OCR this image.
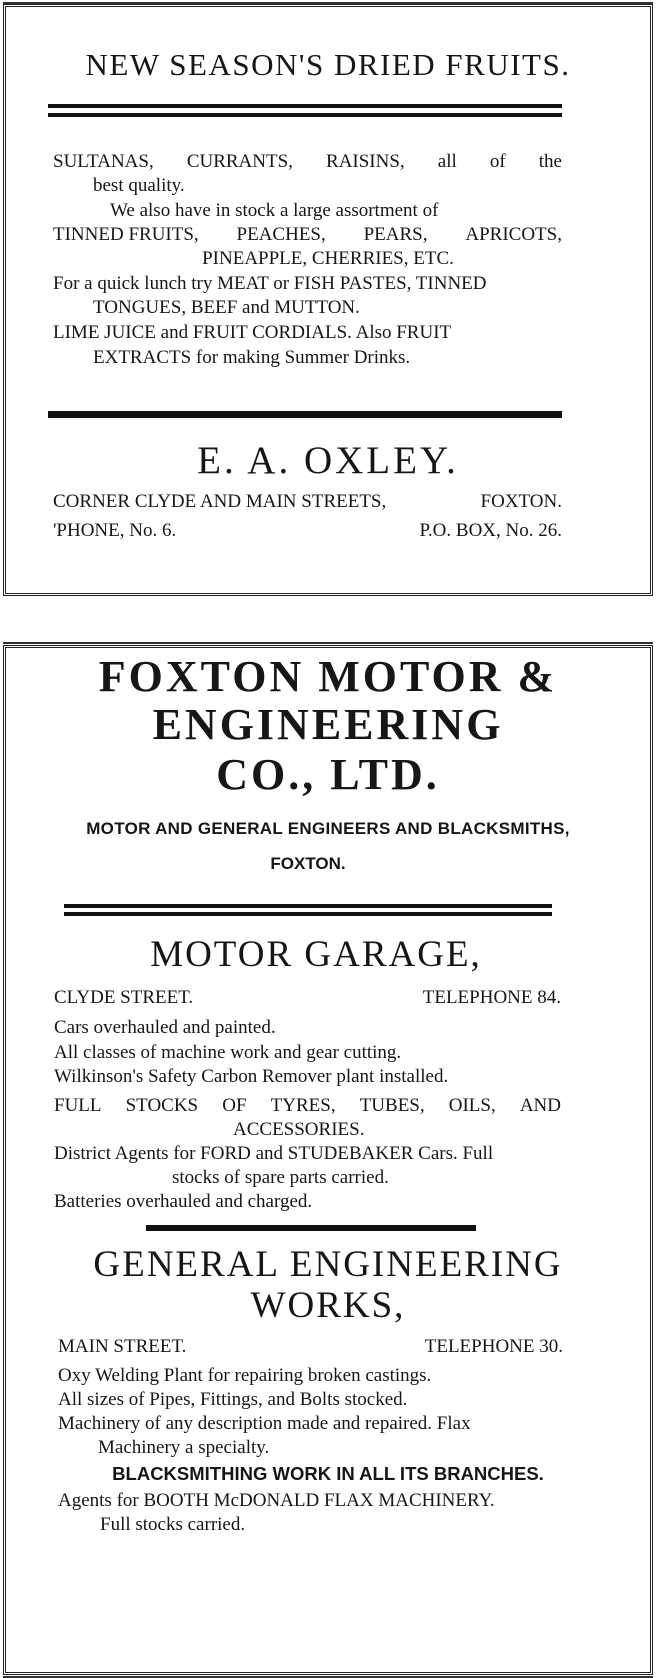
NEW SEASON'S DRIED FRUITS.
SULTANAS, CURRANTS, RAISINS, all of the

best quality.

We also have in stock a large assortment of

TINNED FRUITS, PEACHES, PEARS, APRICOTS,

PINEAPPLE, CHERRIES, ETC.

For a quick lunch try MEAT or FISH PASTES, TINNED

TONGUES, BEEF and MUTTON.

LIME JUICE and FRUIT CORDIALS. Also FRUIT

EXTRACTS for making Summer Drinks.

E. A. OXLEY.
CORNER CLYDE AND MAIN STREETS,	FOXTON.
'PHONE, No. 6.	P.O. BOX, No. 26.
FOXTON MOTOR &
ENGINEERING
CO., LTD.

MOTOR AND GENERAL ENGINEERS AND BLACKSMITHS,

FOXTON.

MOTOR GARAGE,
CLYDE STREET.	TELEPHONE 84.

Cars overhauled and painted.

All classes of machine work and gear cutting.

Wilkinson's Safety Carbon Remover plant installed.

FULL STOCKS OF TYRES, TUBES, OILS, AND

ACCESSORIES.

District Agents for FORD and STUDEBAKER Cars. Full

stocks of spare parts carried.

Batteries overhauled and charged.

GENERAL ENGINEERING
WORKS,
MAIN STREET.	TELEPHONE 30.

Oxy Welding Plant for repairing broken castings.

All sizes of Pipes, Fittings, and Bolts stocked.

Machinery of any description made and repaired. Flax

Machinery a specialty.

BLACKSMITHING WORK IN ALL ITS BRANCHES.

Agents for BOOTH McDONALD FLAX MACHINERY.

Full stocks carried.
